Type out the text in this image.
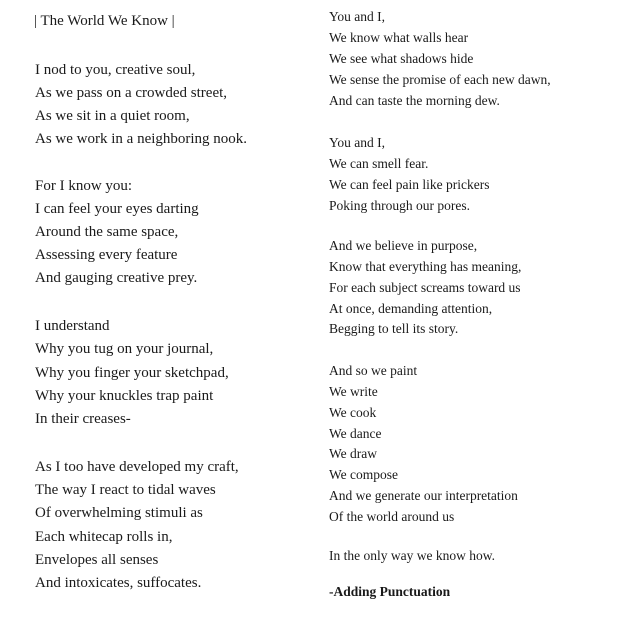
| The World We Know |
I nod to you, creative soul,
As we pass on a crowded street,
As we sit in a quiet room,
As we work in a neighboring nook.
For I know you:
I can feel your eyes darting
Around the same space,
Assessing every feature
And gauging creative prey.
I understand
Why you tug on your journal,
Why you finger your sketchpad,
Why your knuckles trap paint
In their creases-
As I too have developed my craft,
The way I react to tidal waves
Of overwhelming stimuli as
Each whitecap rolls in,
Envelopes all senses
And intoxicates, suffocates.
You and I,
We know what walls hear
We see what shadows hide
We sense the promise of each new dawn,
And can taste the morning dew.
You and I,
We can smell fear.
We can feel pain like prickers
Poking through our pores.
And we believe in purpose,
Know that everything has meaning,
For each subject screams toward us
At once, demanding attention,
Begging to tell its story.
And so we paint
We write
We cook
We dance
We draw
We compose
And we generate our interpretation
Of the world around us
In the only way we know how.
-Adding Punctuation
